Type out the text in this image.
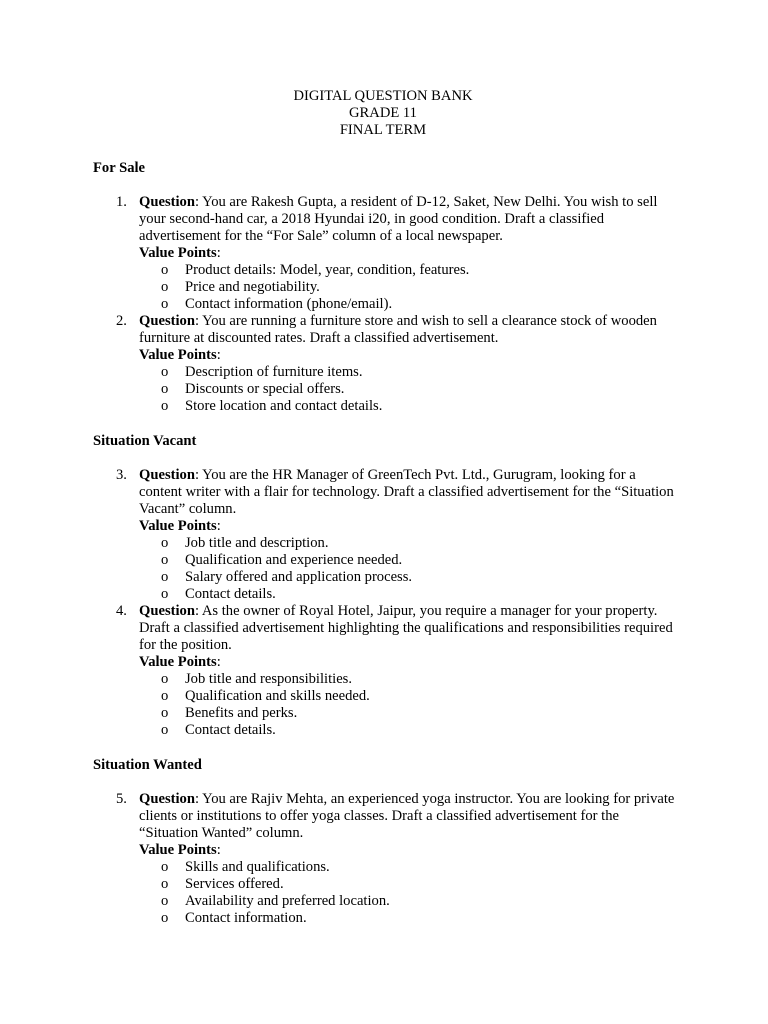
DIGITAL QUESTION BANK
GRADE 11
FINAL TERM
For Sale
1. Question: You are Rakesh Gupta, a resident of D-12, Saket, New Delhi. You wish to sell your second-hand car, a 2018 Hyundai i20, in good condition. Draft a classified advertisement for the “For Sale” column of a local newspaper.
Value Points:
o Product details: Model, year, condition, features.
o Price and negotiability.
o Contact information (phone/email).
2. Question: You are running a furniture store and wish to sell a clearance stock of wooden furniture at discounted rates. Draft a classified advertisement.
Value Points:
o Description of furniture items.
o Discounts or special offers.
o Store location and contact details.
Situation Vacant
3. Question: You are the HR Manager of GreenTech Pvt. Ltd., Gurugram, looking for a content writer with a flair for technology. Draft a classified advertisement for the “Situation Vacant” column.
Value Points:
o Job title and description.
o Qualification and experience needed.
o Salary offered and application process.
o Contact details.
4. Question: As the owner of Royal Hotel, Jaipur, you require a manager for your property. Draft a classified advertisement highlighting the qualifications and responsibilities required for the position.
Value Points:
o Job title and responsibilities.
o Qualification and skills needed.
o Benefits and perks.
o Contact details.
Situation Wanted
5. Question: You are Rajiv Mehta, an experienced yoga instructor. You are looking for private clients or institutions to offer yoga classes. Draft a classified advertisement for the “Situation Wanted” column.
Value Points:
o Skills and qualifications.
o Services offered.
o Availability and preferred location.
o Contact information.
